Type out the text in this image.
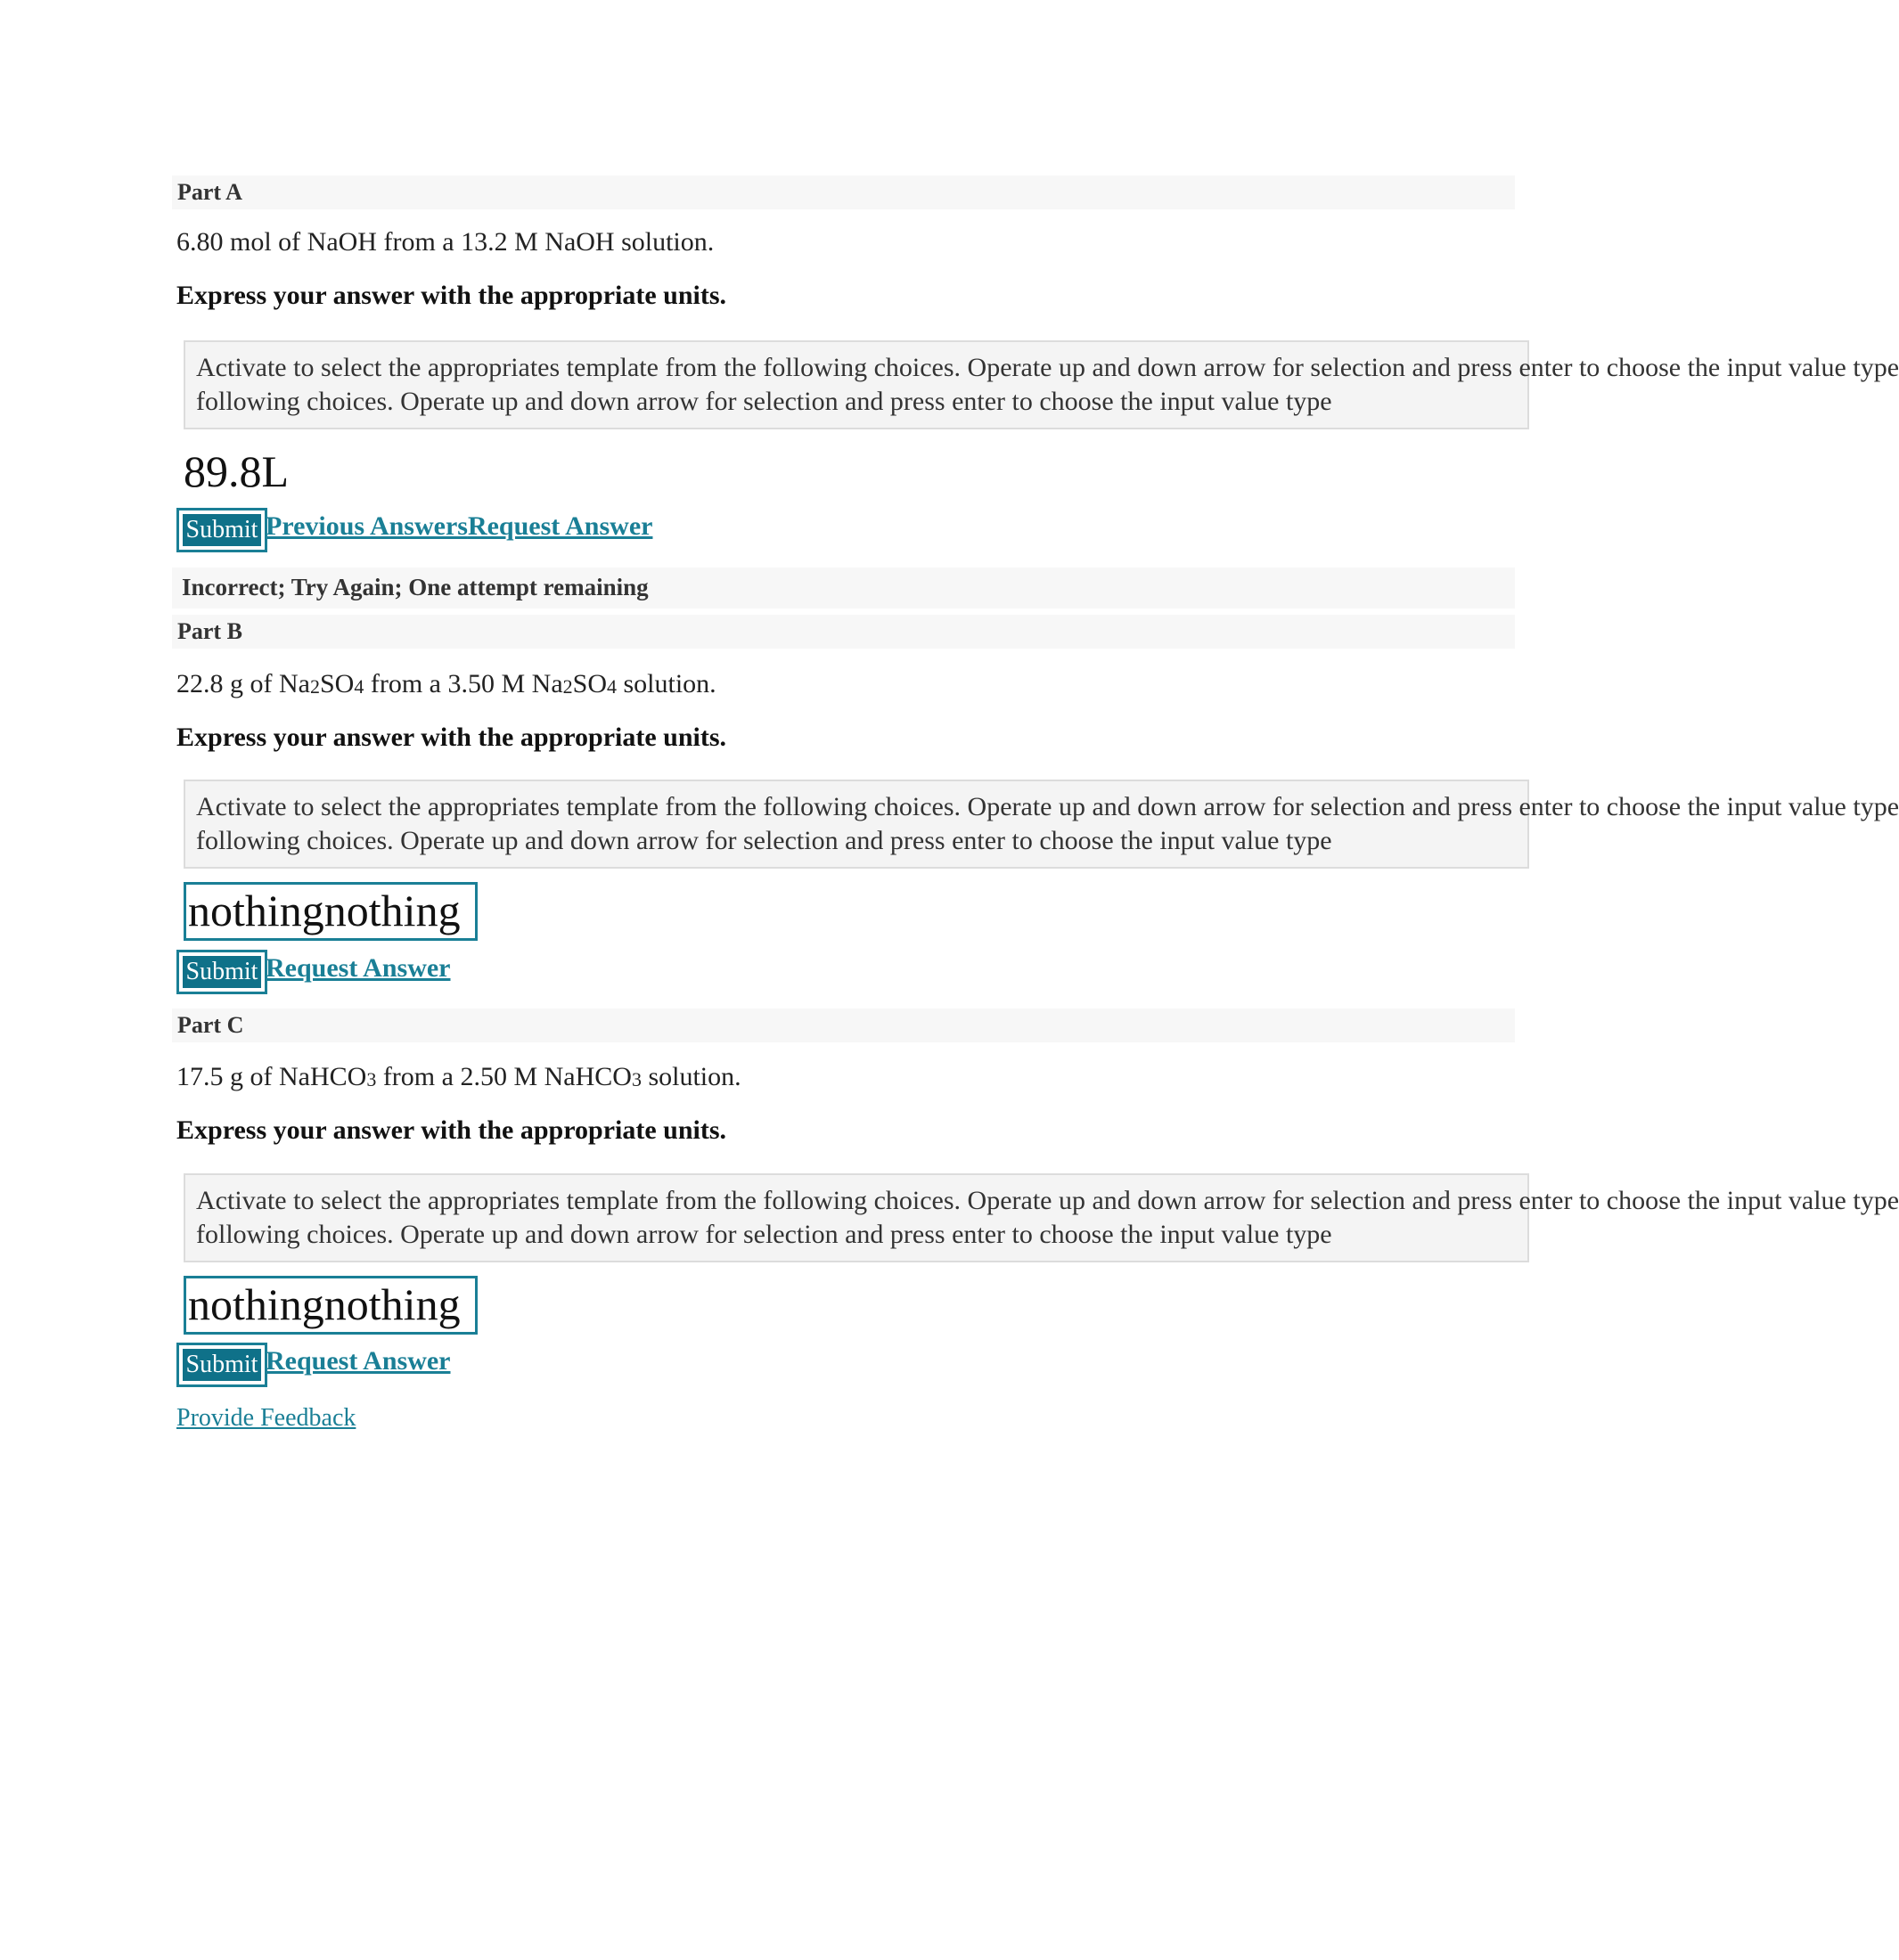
Part A
6.80 mol of NaOH from a 13.2 M NaOH solution.
Express your answer with the appropriate units.
Activate to select the appropriates template from the following choices. Operate up and down arrow for selection and press enter to choose the input value type
following choices. Operate up and down arrow for selection and press enter to choose the input value type
89.8L
Submit Previous AnswersRequest Answer
Incorrect; Try Again; One attempt remaining
Part B
22.8 g of $Na_2SO_4$ from a 3.50 M $Na_2SO_4$ solution.
Express your answer with the appropriate units.
Activate to select the appropriates template from the following choices. Operate up and down arrow for selection and press enter to choose the input value type
following choices. Operate up and down arrow for selection and press enter to choose the input value type
nothingnothing
Submit Request Answer
Part C
17.5 g of NaHCO$_3$ from a 2.50 M NaHCO$_3$ solution.
Express your answer with the appropriate units.
Activate to select the appropriates template from the following choices. Operate up and down arrow for selection and press enter to choose the input value type
following choices. Operate up and down arrow for selection and press enter to choose the input value type
nothingnothing
Submit Request Answer
Provide Feedback
